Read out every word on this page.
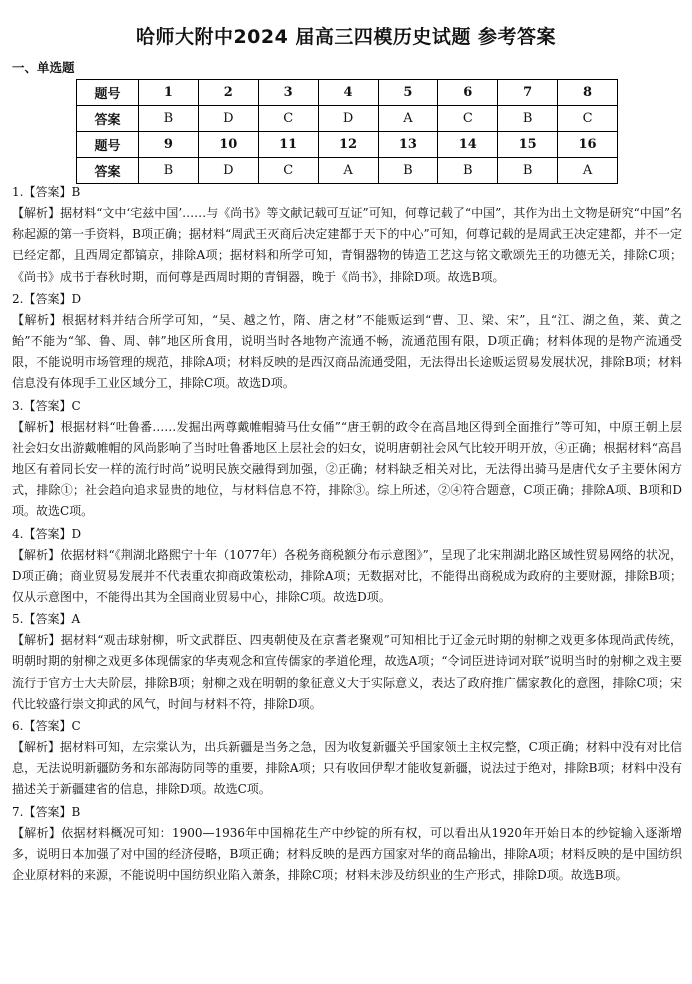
哈师大附中2024 届高三四模历史试题 参考答案
一、单选题
题号	1	2	3	4	5	6	7	8
答案	B	D	C	D	A	C	B	C
题号	9	10	11	12	13	14	15	16
答案	B	D	C	A	B	B	B	A
1.【答案】B
【解析】据材料“文中‘宅兹中国’……与《尚书》等文献记载可互证”可知，何尊记载了“中国”，其作为出土文物是研究“中国”名称起源的第一手资料，B项正确；据材料“周武王灭商后决定建都于天下的中心”可知，何尊记载的是周武王决定建都，并不一定已经定都，且西周定都镐京，排除A项；据材料和所学可知，青铜器物的铸造工艺这与铭文歌颂先王的功德无关，排除C项；《尚书》成书于春秋时期，而何尊是西周时期的青铜器，晚于《尚书》，排除D项。故选B项。
2.【答案】D
【解析】根据材料并结合所学可知，“吴、越之竹，隋、唐之材”不能贩运到“曹、卫、梁、宋”，且“江、湖之鱼，莱、黄之鲐”不能为“邹、鲁、周、韩”地区所食用，说明当时各地物产流通不畅，流通范围有限，D项正确；材料体现的是物产流通受限，不能说明市场管理的规范，排除A项；材料反映的是西汉商品流通受阻，无法得出长途贩运贸易发展状况，排除B项；材料信息没有体现手工业区域分工，排除C项。故选D项。
3.【答案】C
【解析】根据材料“吐鲁番……发掘出两尊戴帷帽骑马仕女俑”“唐王朝的政令在高昌地区得到全面推行”等可知，中原王朝上层社会妇女出游戴帷帽的风尚影响了当时吐鲁番地区上层社会的妇女，说明唐朝社会风气比较开明开放，④正确；根据材料“高昌地区有着同长安一样的流行时尚”说明民族交融得到加强，②正确；材料缺乏相关对比，无法得出骑马是唐代女子主要休闲方式，排除①；社会趋向追求显贵的地位，与材料信息不符，排除③。综上所述，②④符合题意，C项正确；排除A项、B项和D项。故选C项。
4.【答案】D
【解析】依据材料“《荆湖北路熙宁十年（1077年）各税务商税额分布示意图》”，呈现了北宋荆湖北路区域性贸易网络的状况，D项正确；商业贸易发展并不代表重农抑商政策松动，排除A项；无数据对比，不能得出商税成为政府的主要财源，排除B项；仅从示意图中，不能得出其为全国商业贸易中心，排除C项。故选D项。
5.【答案】A
【解析】据材料“观击球射柳，听文武群臣、四夷朝使及在京耆老聚观”可知相比于辽金元时期的射柳之戏更多体现尚武传统，明朝时期的射柳之戏更多体现儒家的华夷观念和宣传儒家的孝道伦理，故选A项；“令词臣进诗词对联”说明当时的射柳之戏主要流行于官方士大夫阶层，排除B项；射柳之戏在明朝的象征意义大于实际意义，表达了政府推广儒家教化的意图，排除C项；宋代比较盛行崇文抑武的风气，时间与材料不符，排除D项。
6.【答案】C
【解析】据材料可知，左宗棠认为，出兵新疆是当务之急，因为收复新疆关乎国家领土主权完整，C项正确；材料中没有对比信息，无法说明新疆防务和东部海防同等的重要，排除A项；只有收回伊犁才能收复新疆，说法过于绝对，排除B项；材料中没有描述关于新疆建省的信息，排除D项。故选C项。
7.【答案】B
【解析】依据材料概况可知：1900—1936年中国棉花生产中纱锭的所有权，可以看出从1920年开始日本的纱锭输入逐渐增多，说明日本加强了对中国的经济侵略，B项正确；材料反映的是西方国家对华的商品输出，排除A项；材料反映的是中国纺织企业原材料的来源，不能说明中国纺织业陷入萧条，排除C项；材料未涉及纺织业的生产形式，排除D项。故选B项。
